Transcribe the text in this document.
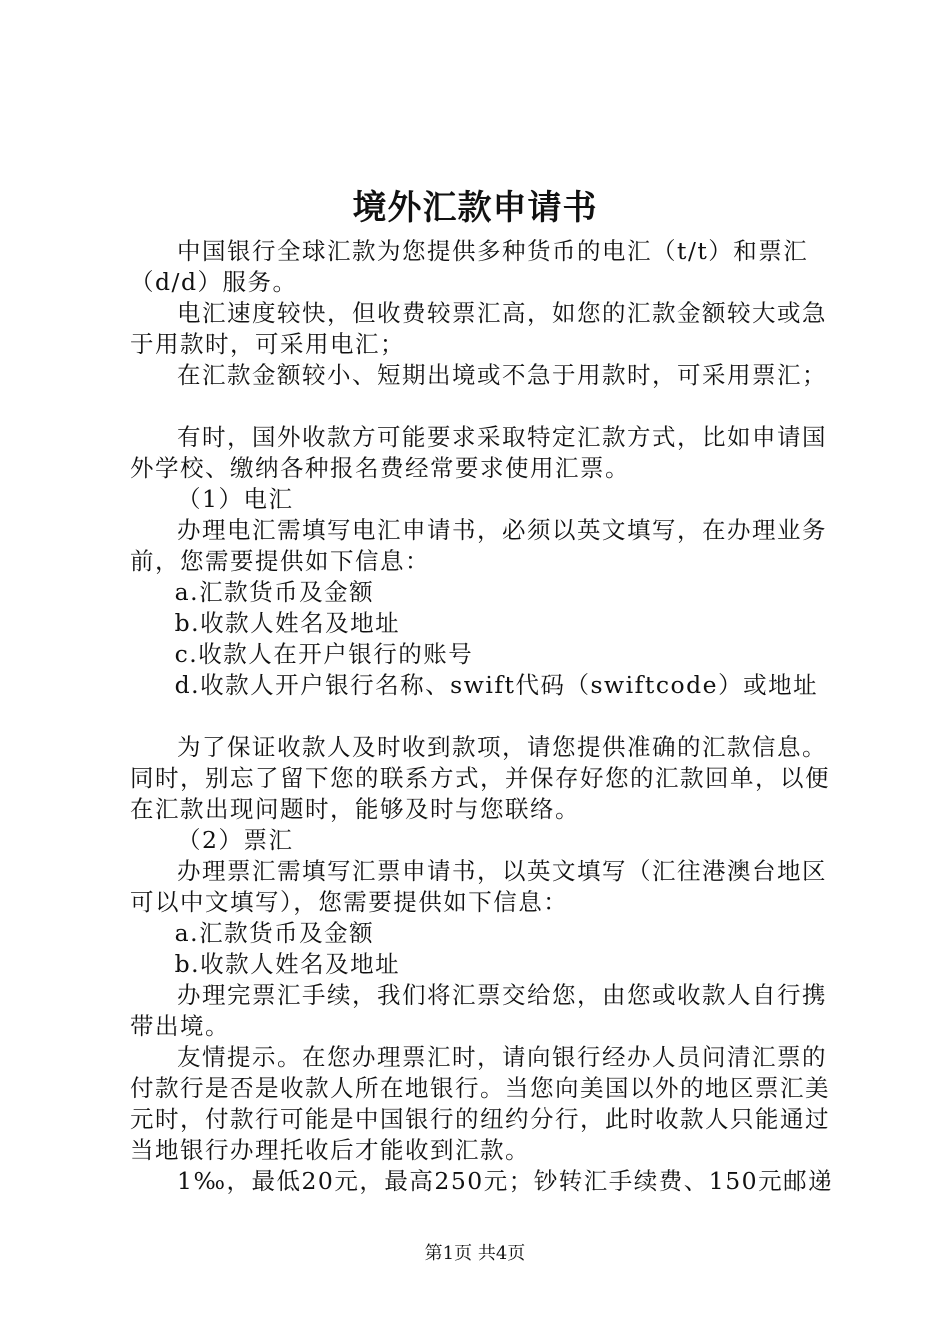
境外汇款申请书

中国银行全球汇款为您提供多种货币的电汇（t/t）和票汇（d/d）服务。

电汇速度较快，但收费较票汇高，如您的汇款金额较大或急于用款时，可采用电汇；

在汇款金额较小、短期出境或不急于用款时，可采用票汇；

有时，国外收款方可能要求采取特定汇款方式，比如申请国外学校、缴纳各种报名费经常要求使用汇票。

（1）电汇

办理电汇需填写电汇申请书，必须以英文填写，在办理业务前，您需要提供如下信息：

a.汇款货币及金额

b.收款人姓名及地址

c.收款人在开户银行的账号

d.收款人开户银行名称、swift代码（swiftcode）或地址

为了保证收款人及时收到款项，请您提供准确的汇款信息。同时，别忘了留下您的联系方式，并保存好您的汇款回单，以便在汇款出现问题时，能够及时与您联络。

（2）票汇

办理票汇需填写汇票申请书，以英文填写（汇往港澳台地区可以中文填写），您需要提供如下信息：

a.汇款货币及金额

b.收款人姓名及地址

办理完票汇手续，我们将汇票交给您，由您或收款人自行携带出境。

友情提示。在您办理票汇时，请向银行经办人员问清汇票的付款行是否是收款人所在地银行。当您向美国以外的地区票汇美元时，付款行可能是中国银行的纽约分行，此时收款人只能通过当地银行办理托收后才能收到汇款。

1‰，最低20元，最高250元；钞转汇手续费、150元邮递

第1页 共4页
